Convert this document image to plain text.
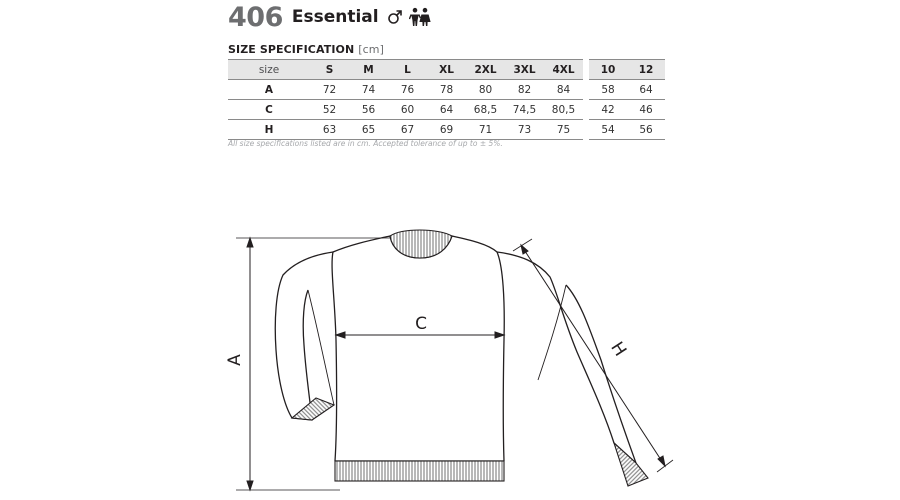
406 Essential
SIZE SPECIFICATION [cm]
size	S	M	L	XL	2XL	3XL	4XL		10	12
A	72	74	76	78	80	82	84		58	64
C	52	56	60	64	68,5	74,5	80,5		42	46
H	63	65	67	69	71	73	75		54	56
All size specifications listed are in cm. Accepted tolerance of up to ± 5%.
A
C
H
